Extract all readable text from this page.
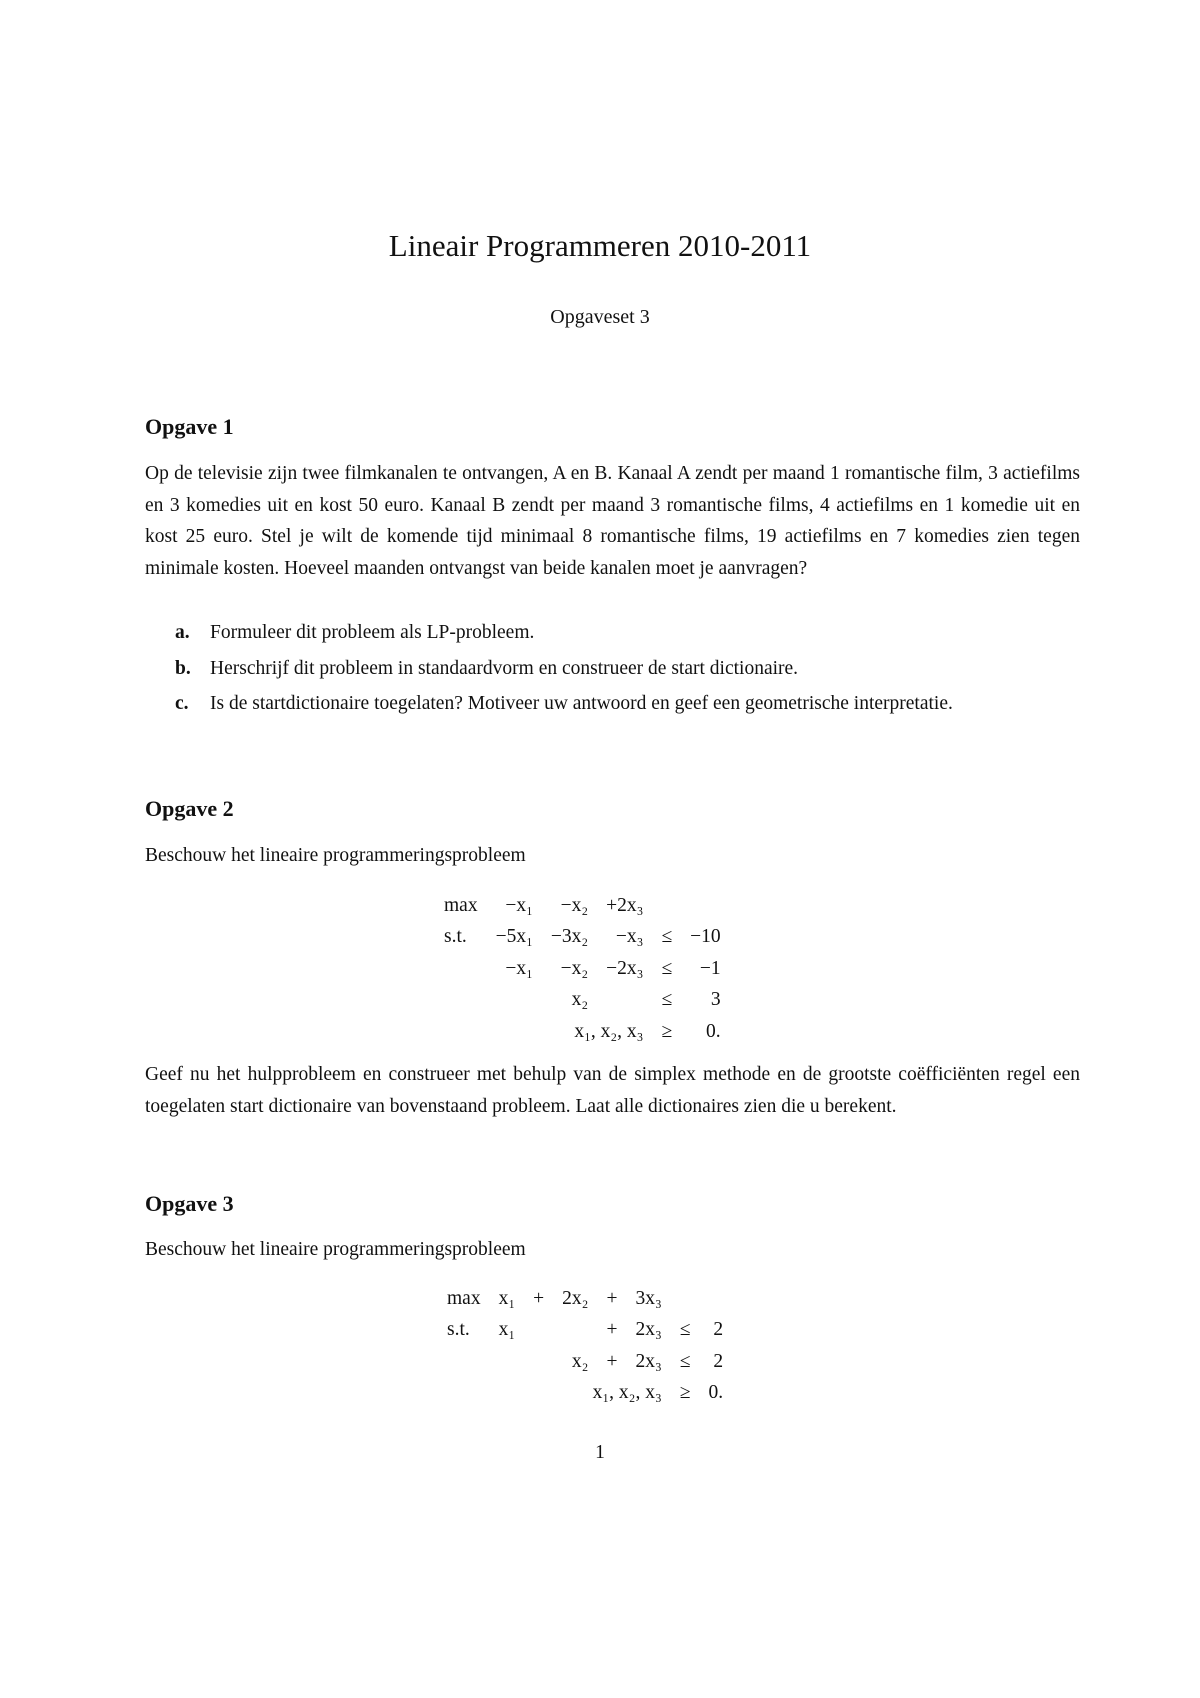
Lineair Programmeren 2010-2011
Opgaveset 3
Opgave 1

Op de televisie zijn twee filmkanalen te ontvangen, A en B. Kanaal A zendt per maand 1 romantische film, 3 actiefilms en 3 komedies uit en kost 50 euro. Kanaal B zendt per maand 3 romantische films, 4 actiefilms en 1 komedie uit en kost 25 euro. Stel je wilt de komende tijd minimaal 8 romantische films, 19 actiefilms en 7 komedies zien tegen minimale kosten. Hoeveel maanden ontvangst van beide kanalen moet je aanvragen?

a. Formuleer dit probleem als LP-probleem.
b. Herschrijf dit probleem in standaardvorm en construeer de start dictionaire.
c. Is de startdictionaire toegelaten? Motiveer uw antwoord en geef een geometrische interpretatie.
Opgave 2

Beschouw het lineaire programmeringsprobleem

max	−x₁	−x₂	+2x₃		
s.t.	−5x₁	−3x₂	−x₃	≤	−10
	−x₁	−x₂	−2x₃	≤	−1
		x₂		≤	3
		x₁, x₂, x₃		≥	0.

Geef nu het hulpprobleem en construeer met behulp van de simplex methode en de grootste coëfficiënten regel een toegelaten start dictionaire van bovenstaand probleem. Laat alle dictionaires zien die u berekent.

Opgave 3

Beschouw het lineaire programmeringsprobleem

max	x₁	+	2x₂	+	3x₃		
s.t.	x₁			+	2x₃	≤	2
			x₂	+	2x₃	≤	2
	x₁, x₂, x₃					≥	0.
1
